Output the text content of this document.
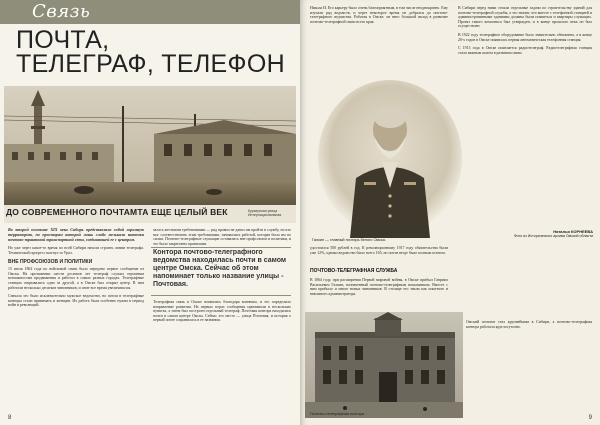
Связь
ПОЧТА,
ТЕЛЕГРАФ, ТЕЛЕФОН
ДО СОВРЕМЕННОГО ПОЧТАМТА ЕЩЕ ЦЕЛЫЙ ВЕК	Курьерская улица Интернациональная

Во второй половине XIX века Сибирь представляла собой огромную территорию, по просторам которой лишь слабо мелькали ниточки почтово-трактовой транспортной сети, соединявшей ее с центром.

Но уже через какое-то время по всей Сибири начали строить линии телеграфа. Технический прогресс шагнул за Урал.

ВНЕ ПРОФСОЮЗОВ И ПОЛИТИКИ

15 июля 1862 года по войсковой связи было передано первое сообщение из Омска. На протяжении шести десятков лет телеграф служил огромным возможностям продвижения и работал в самых разных городах. Телеграфные станции открывались одна за другой, а в Омске был открыт центр. В нем работали несколько десятков чиновников, и штат все время увеличивался.

Сначала это было исключительно мужское ведомство, но потом в телеграфные конторы стали принимать и женщин. Их работа была особенно нужна в период войн и революций.

залась жесткими требованиями — ряд правил не давал им пройти в службу, но кто мог соответствовать этим требованиям, занимались работой, которая была им по силам. Почтово-телеграфные служащие оставались вне профсоюзов и политики, и это было закреплено правилами.

Контора почтово-телеграфного ведомства находилась почти в самом центре Омска. Сейчас об этом напоминает только название улицы - Почтовая.

Телеграфная связь в Омске появилась благодаря военным, и это определило направление развития. На первых порах сообщения принимали в нескольких пунктах, а затем был построен отдельный телеграф. Почтовая контора находилась почти в самом центре Омска. Сейчас это место — улица Почтовая, и история о первой почте сохранилась в ее названии.

8

Никола И. Его карьеру было очень благоприятным, в том числе неоднократно. Ему изучали ряд ведомств, и через некоторое время он добрался до почтово-телеграфного ведомства. Работая в Омске, он внес большой вклад в развитие почтово-телеграфной связи всего края.

В Сибири перед ними стояли отдельные задачи по строительству зданий для почтово-телеграфной службы, а это значит, что вместе с телефонной станцией и административными зданиями должны были появиться и квартиры служащих. Проект такого комплекса был утвержден, и в конце прошлого века он был осуществлен.

В 1922 году телеграфное оборудование было значительно обновлено, а в конце 20-х годов в Омске появилась первая автоматическая телефонная станция.

С 1913 года в Омске появляется радиотелеграф. Радиотелеграфная станция стала важным шагом в развитии связи.

Наталья КОРНЕЕВА
Фото из Исторического архива Омской области

удостоился 500 рублей в год. К революционному 1917 году обязательства были уже 12%, однако ведомство было всего 165, но почти везде было полным штатом.

ПОЧТОВО-ТЕЛЕГРАФНАЯ СЛУЖБА

В 1864 году, при расширении Первой мировой войны, в Омске прибыл Гавриил Васильевич Галкин, назначенный почтово-телеграфным начальником. Вместе с ним прибыло и много новых чиновников. В столице его знали как опытного и вежливого администратора.

Омский почтамт стал крупнейшим в Сибири, а почтово-телеграфная контора работала круглосуточно.

9
Галкин — главный почтарь белого Омска.
Почтово-телеграфная контора.
